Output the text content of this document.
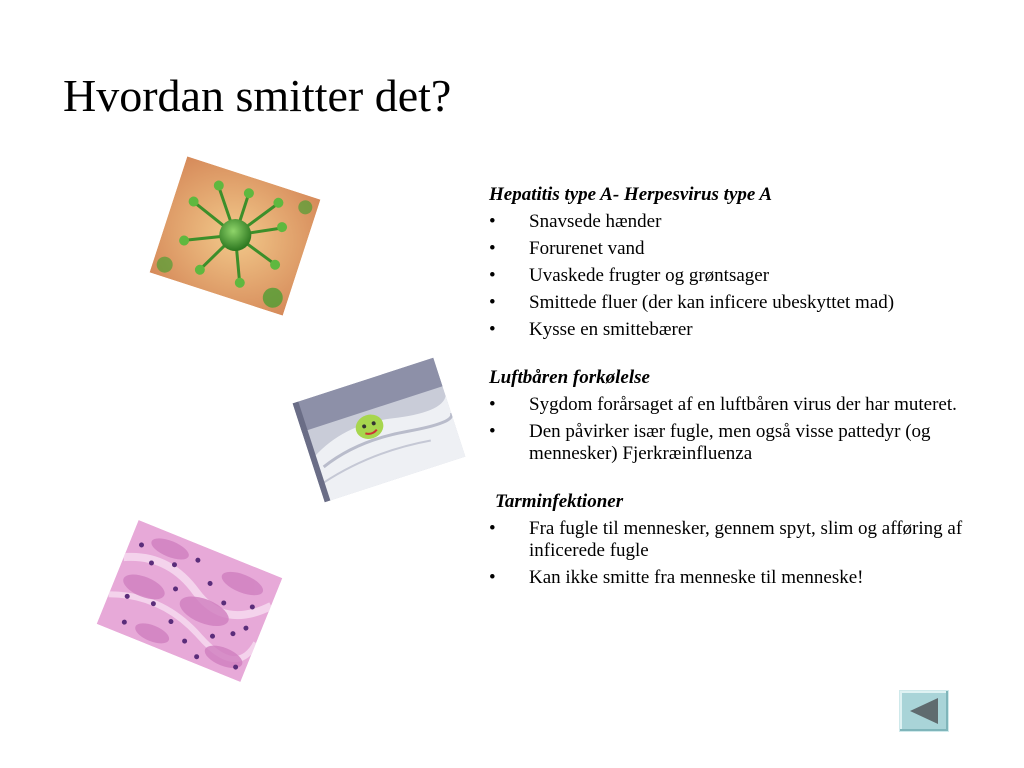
Hvordan smitter det?

Hepatitis type A- Herpesvirus type A

• Snavsede hænder
• Forurenet vand
• Uvaskede frugter og grøntsager
• Smittede fluer (der kan inficere ubeskyttet mad)
• Kysse en smittebærer

Luftbåren forkølelse

• Sygdom forårsaget af en luftbåren virus der har muteret.
• Den påvirker især fugle, men også visse pattedyr (og mennesker) Fjerkræinfluenza

Tarminfektioner

• Fra fugle til mennesker, gennem spyt, slim og afføring af inficerede fugle
• Kan ikke smitte fra menneske til menneske!
